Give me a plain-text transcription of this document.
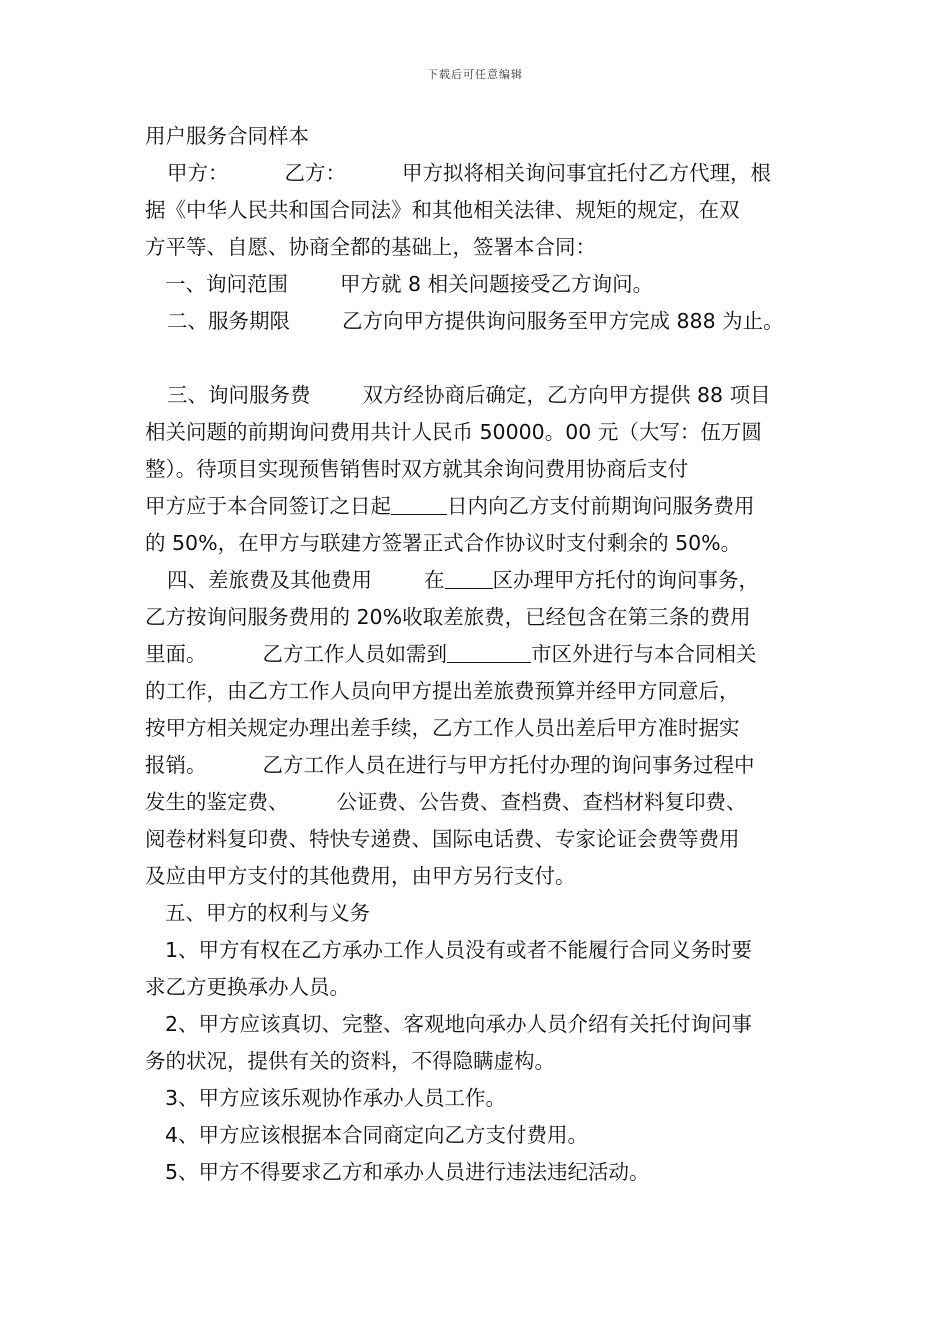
下载后可任意编辑
用户服务合同样本
甲方：	乙方：	甲方拟将相关询问事宜托付乙方代理，根
据《中华人民共和国合同法》和其他相关法律、规矩的规定，在双
方平等、自愿、协商全都的基础上，签署本合同：
一、询问范围	甲方就 8 相关问题接受乙方询问。
二、服务期限	乙方向甲方提供询问服务至甲方完成 888 为止。
三、询问服务费	双方经协商后确定，乙方向甲方提供 88 项目
相关问题的前期询问费用共计人民币 50000。00 元（大写：伍万圆
整）。待项目实现预售销售时双方就其余询问费用协商后支付
甲方应于本合同签订之日起	日内向乙方支付前期询问服务费用
的 50%，在甲方与联建方签署正式合作协议时支付剩余的 50%。
四、差旅费及其他费用	在 区办理甲方托付的询问事务，
乙方按询问服务费用的 20%收取差旅费，已经包含在第三条的费用
里面。	乙方工作人员如需到	市区外进行与本合同相关
的工作，由乙方工作人员向甲方提出差旅费预算并经甲方同意后，
按甲方相关规定办理出差手续，乙方工作人员出差后甲方准时据实
报销。	乙方工作人员在进行与甲方托付办理的询问事务过程中
发生的鉴定费、 公证费、公告费、查档费、查档材料复印费、
阅卷材料复印费、特快专递费、国际电话费、专家论证会费等费用
及应由甲方支付的其他费用，由甲方另行支付。
五、甲方的权利与义务
1、甲方有权在乙方承办工作人员没有或者不能履行合同义务时要
求乙方更换承办人员。
2、甲方应该真切、完整、客观地向承办人员介绍有关托付询问事
务的状况，提供有关的资料，不得隐瞒虚构。
3、甲方应该乐观协作承办人员工作。
4、甲方应该根据本合同商定向乙方支付费用。
5、甲方不得要求乙方和承办人员进行违法违纪活动。
